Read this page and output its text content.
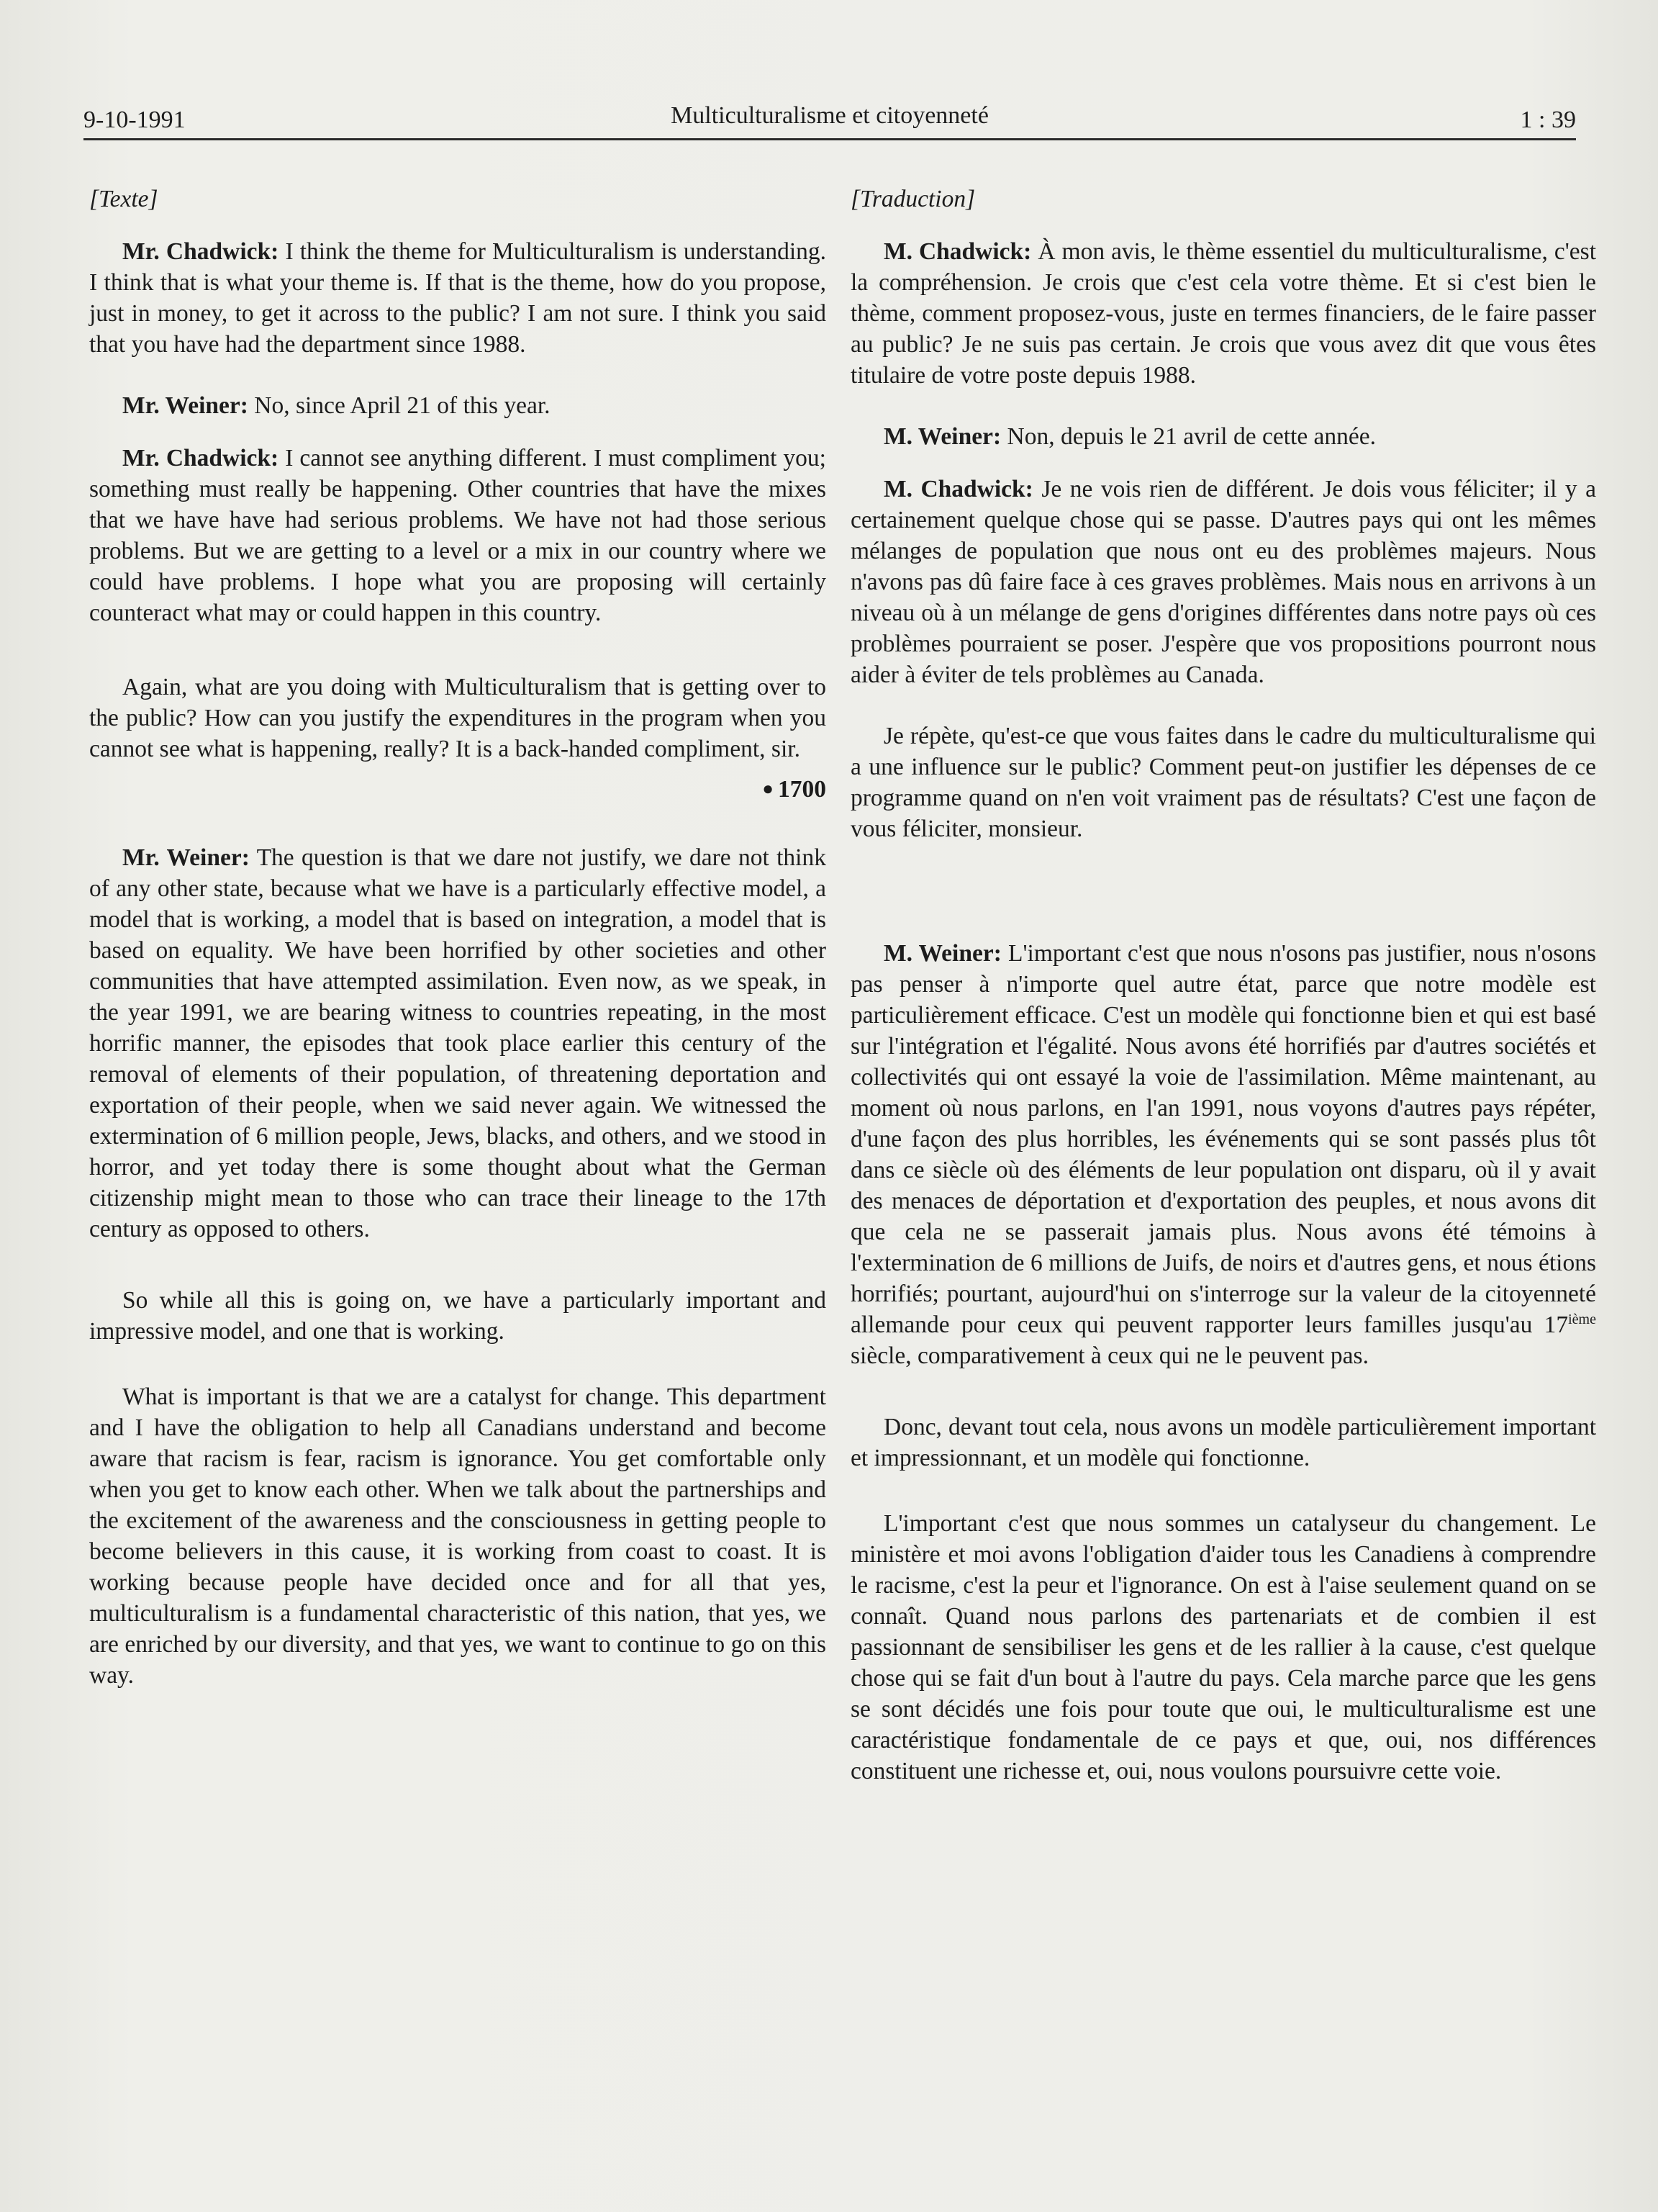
9-10-1991	Multiculturalisme et citoyenneté	1 : 39
[Texte]

Mr. Chadwick: I think the theme for Multiculturalism is understanding. I think that is what your theme is. If that is the theme, how do you propose, just in money, to get it across to the public? I am not sure. I think you said that you have had the department since 1988.

Mr. Weiner: No, since April 21 of this year.

Mr. Chadwick: I cannot see anything different. I must compliment you; something must really be happening. Other countries that have the mixes that we have have had serious problems. We have not had those serious problems. But we are getting to a level or a mix in our country where we could have problems. I hope what you are proposing will certainly counteract what may or could happen in this country.

Again, what are you doing with Multiculturalism that is getting over to the public? How can you justify the expenditures in the program when you cannot see what is happening, really? It is a back-handed compliment, sir.

● 1700

Mr. Weiner: The question is that we dare not justify, we dare not think of any other state, because what we have is a particularly effective model, a model that is working, a model that is based on integration, a model that is based on equality. We have been horrified by other societies and other communities that have attempted assimilation. Even now, as we speak, in the year 1991, we are bearing witness to countries repeating, in the most horrific manner, the episodes that took place earlier this century of the removal of elements of their population, of threatening deportation and exportation of their people, when we said never again. We witnessed the extermination of 6 million people, Jews, blacks, and others, and we stood in horror, and yet today there is some thought about what the German citizenship might mean to those who can trace their lineage to the 17th century as opposed to others.

So while all this is going on, we have a particularly important and impressive model, and one that is working.

What is important is that we are a catalyst for change. This department and I have the obligation to help all Canadians understand and become aware that racism is fear, racism is ignorance. You get comfortable only when you get to know each other. When we talk about the partnerships and the excitement of the awareness and the consciousness in getting people to become believers in this cause, it is working from coast to coast. It is working because people have decided once and for all that yes, multiculturalism is a fundamental characteristic of this nation, that yes, we are enriched by our diversity, and that yes, we want to continue to go on this way.

[Traduction]

M. Chadwick: À mon avis, le thème essentiel du multiculturalisme, c'est la compréhension. Je crois que c'est cela votre thème. Et si c'est bien le thème, comment proposez-vous, juste en termes financiers, de le faire passer au public? Je ne suis pas certain. Je crois que vous avez dit que vous êtes titulaire de votre poste depuis 1988.

M. Weiner: Non, depuis le 21 avril de cette année.

M. Chadwick: Je ne vois rien de différent. Je dois vous féliciter; il y a certainement quelque chose qui se passe. D'autres pays qui ont les mêmes mélanges de population que nous ont eu des problèmes majeurs. Nous n'avons pas dû faire face à ces graves problèmes. Mais nous en arrivons à un niveau où à un mélange de gens d'origines différentes dans notre pays où ces problèmes pourraient se poser. J'espère que vos propositions pourront nous aider à éviter de tels problèmes au Canada.

Je répète, qu'est-ce que vous faites dans le cadre du multiculturalisme qui a une influence sur le public? Comment peut-on justifier les dépenses de ce programme quand on n'en voit vraiment pas de résultats? C'est une façon de vous féliciter, monsieur.

M. Weiner: L'important c'est que nous n'osons pas justifier, nous n'osons pas penser à n'importe quel autre état, parce que notre modèle est particulièrement efficace. C'est un modèle qui fonctionne bien et qui est basé sur l'intégration et l'égalité. Nous avons été horrifiés par d'autres sociétés et collectivités qui ont essayé la voie de l'assimilation. Même maintenant, au moment où nous parlons, en l'an 1991, nous voyons d'autres pays répéter, d'une façon des plus horribles, les événements qui se sont passés plus tôt dans ce siècle où des éléments de leur population ont disparu, où il y avait des menaces de déportation et d'exportation des peuples, et nous avons dit que cela ne se passerait jamais plus. Nous avons été témoins à l'extermination de 6 millions de Juifs, de noirs et d'autres gens, et nous étions horrifiés; pourtant, aujourd'hui on s'interroge sur la valeur de la citoyenneté allemande pour ceux qui peuvent rapporter leurs familles jusqu'au 17ième siècle, comparativement à ceux qui ne le peuvent pas.

Donc, devant tout cela, nous avons un modèle particulièrement important et impressionnant, et un modèle qui fonctionne.

L'important c'est que nous sommes un catalyseur du changement. Le ministère et moi avons l'obligation d'aider tous les Canadiens à comprendre le racisme, c'est la peur et l'ignorance. On est à l'aise seulement quand on se connaît. Quand nous parlons des partenariats et de combien il est passionnant de sensibiliser les gens et de les rallier à la cause, c'est quelque chose qui se fait d'un bout à l'autre du pays. Cela marche parce que les gens se sont décidés une fois pour toute que oui, le multiculturalisme est une caractéristique fondamentale de ce pays et que, oui, nos différences constituent une richesse et, oui, nous voulons poursuivre cette voie.
